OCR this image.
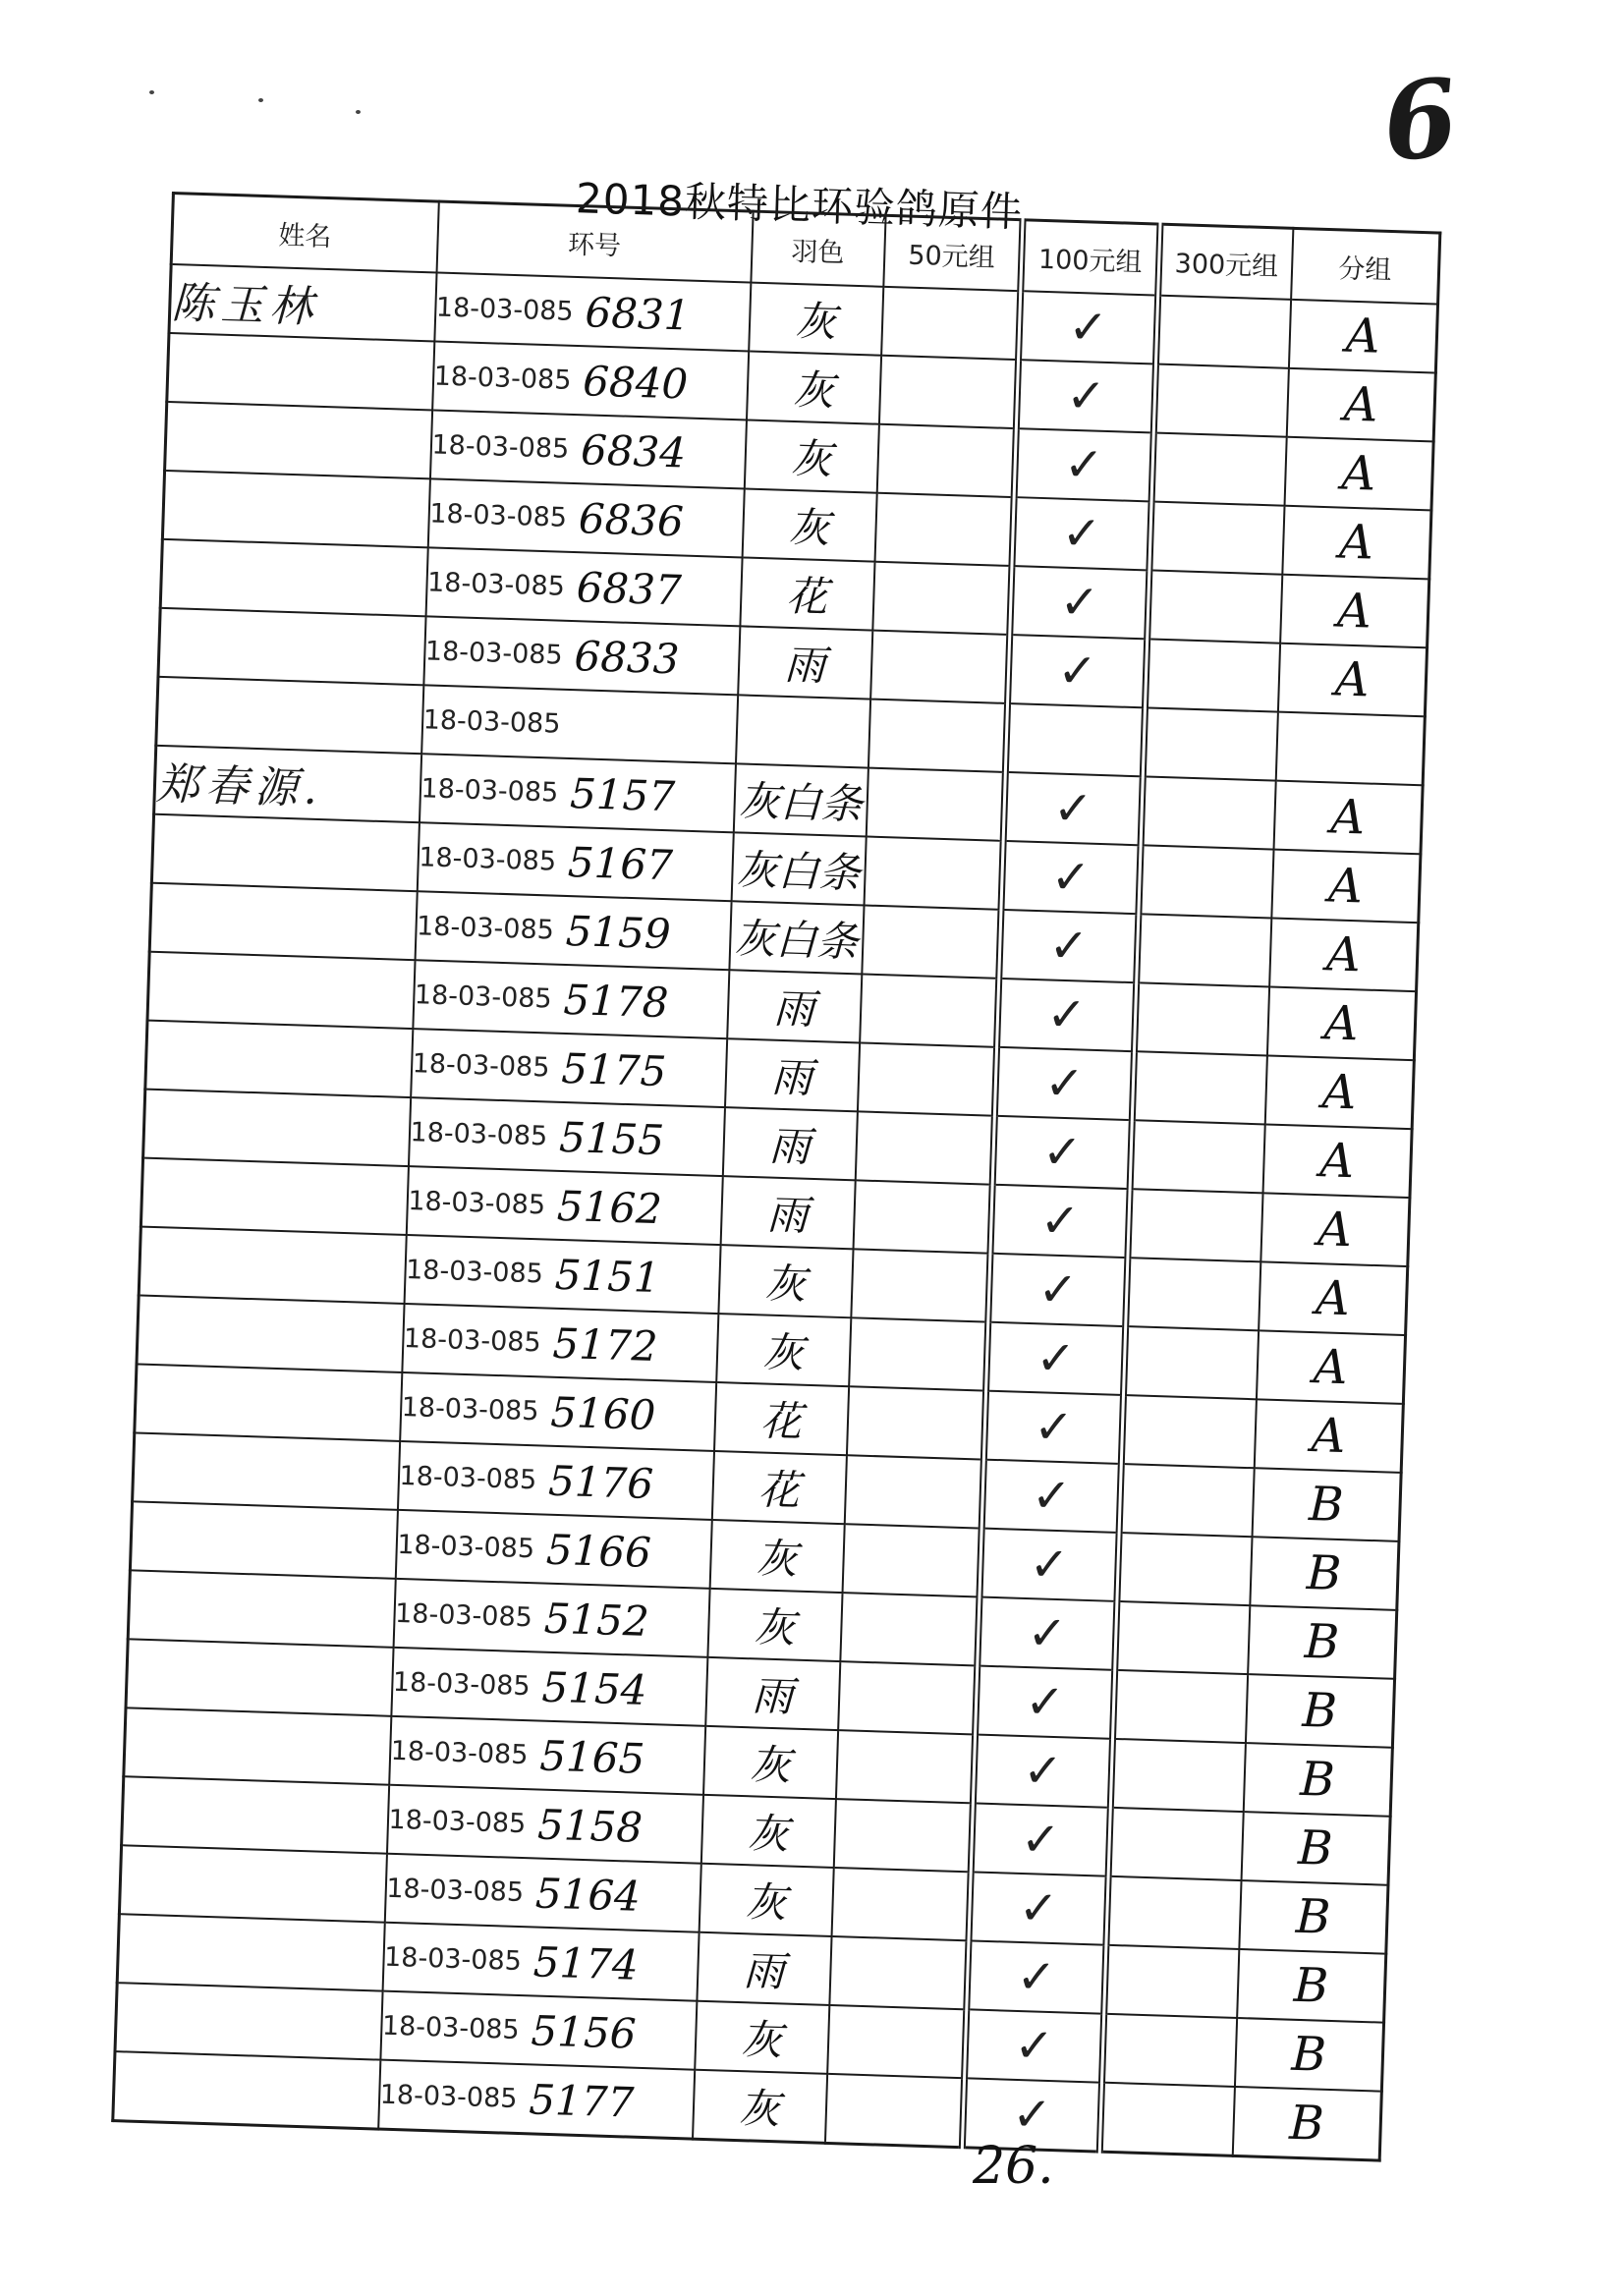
6
2018秋特比环验鸽原件
姓名	环号	羽色	50元组	100元组	300元组	分组
陈玉林	18-03-085 6831	灰		✓		A
	18-03-085 6840	灰		✓		A
	18-03-085 6834	灰		✓		A
	18-03-085 6836	灰		✓		A
	18-03-085 6837	花		✓		A
	18-03-085 6833	雨		✓		A
	18-03-085					
郑春源.	18-03-085 5157	灰白条		✓		A
	18-03-085 5167	灰白条		✓		A
	18-03-085 5159	灰白条		✓		A
	18-03-085 5178	雨		✓		A
	18-03-085 5175	雨		✓		A
	18-03-085 5155	雨		✓		A
	18-03-085 5162	雨		✓		A
	18-03-085 5151	灰		✓		A
	18-03-085 5172	灰		✓		A
	18-03-085 5160	花		✓		A
	18-03-085 5176	花		✓		B
	18-03-085 5166	灰		✓		B
	18-03-085 5152	灰		✓		B
	18-03-085 5154	雨		✓		B
	18-03-085 5165	灰		✓		B
	18-03-085 5158	灰		✓		B
	18-03-085 5164	灰		✓		B
	18-03-085 5174	雨		✓		B
	18-03-085 5156	灰		✓		B
	18-03-085 5177	灰		✓		B
26.
